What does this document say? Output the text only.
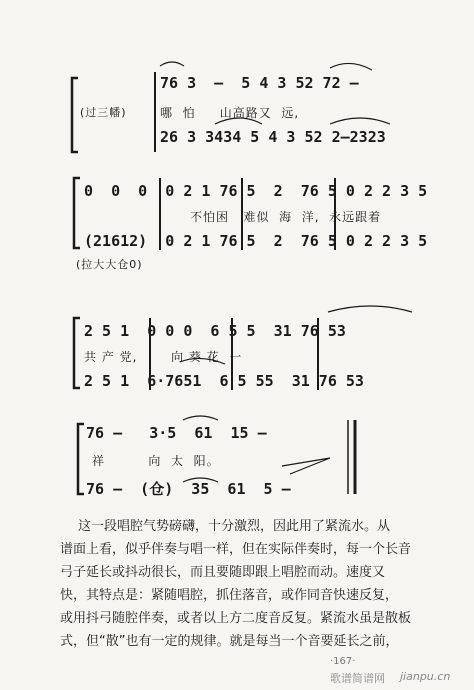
76 3  —  5 4 3 52 72 —
(过三幡)	哪  怕     山高路又  远,
26 3 3434 5 4 3 52 2—2323
0  0  0  0 2 1 76 5  2  76 5 0 2 2 3 5
不怕困   难似  海  洋,  永远跟着
(21612)  0 2 1 76 5  2  76 5 0 2 2 3 5
(拉大大仓0)
2 5 1  0 0 0  6 5 5  31 76 53
共 产 党,       向 葵 花  一
2 5 1  6·7651  6 5 55  31 76 53
76 —   3·5  61  15 —
祥         向  太  阳。
76 —  (仓)  35  61  5 —
这一段唱腔气势磅礴，十分激烈，因此用了紧流水。从
谱面上看，似乎伴奏与唱一样，但在实际伴奏时，每一个长音
弓子延长或抖动很长，而且要随即跟上唱腔而动。速度又
快，其特点是：紧随唱腔，抓住落音，或作同音快速反复，
或用抖弓随腔伴奏，或者以上方二度音反复。紧流水虽是散板
式，但“散”也有一定的规律。就是每当一个音要延长之前，
·167·
歌谱简谱网 jianpu.cn
